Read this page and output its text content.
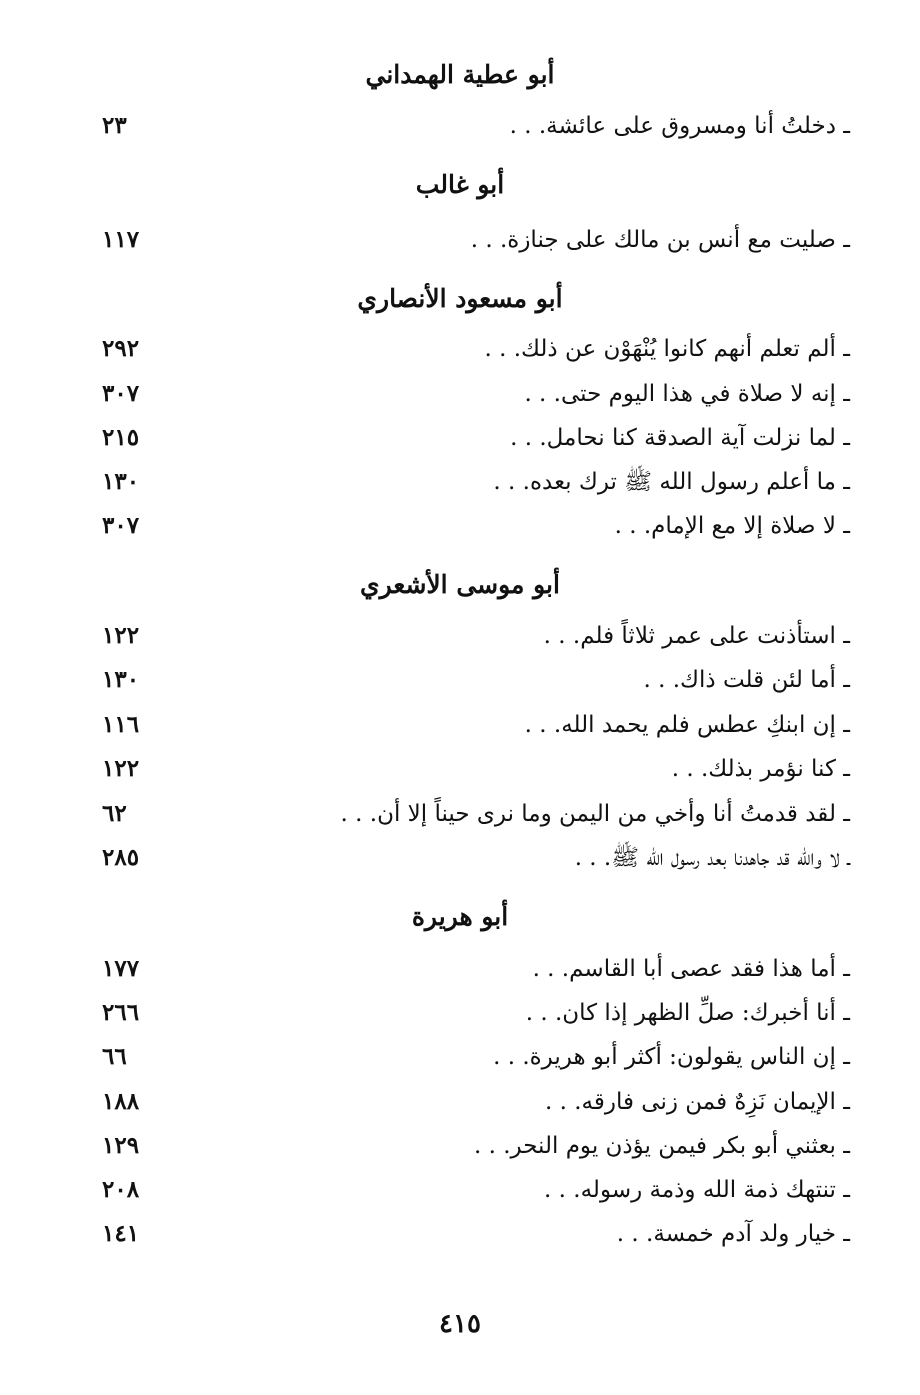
أبو عطية الهمداني
ـ دخلتُ أنا ومسروق على عائشة. . .
٢٣
أبو غالب
ـ صليت مع أنس بن مالك على جنازة. . .
١١٧
أبو مسعود الأنصاري
ـ ألم تعلم أنهم كانوا يُنْهَوْن عن ذلك. . .
٢٩٢
ـ إنه لا صلاة في هذا اليوم حتى. . .
٣٠٧
ـ لما نزلت آية الصدقة كنا نحامل. . .
٢١٥
ـ ما أعلم رسول الله ﷺ ترك بعده. . .
١٣٠
ـ لا صلاة إلا مع الإمام. . .
٣٠٧
أبو موسى الأشعري
ـ استأذنت على عمر ثلاثاً فلم. . .
١٢٢
ـ أما لئن قلت ذاك. . .
١٣٠
ـ إن ابنكِ عطس فلم يحمد الله. . .
١١٦
ـ كنا نؤمر بذلك. . .
١٢٢
ـ لقد قدمتُ أنا وأخي من اليمن وما نرى حيناً إلا أن. . .
٦٢
ـ لا والله قد جاهدنا بعد رسول الله ﷺ. . .
٢٨٥
أبو هريرة
ـ أما هذا فقد عصى أبا القاسم. . .
١٧٧
ـ أنا أخبرك: صلِّ الظهر إذا كان. . .
٢٦٦
ـ إن الناس يقولون: أكثر أبو هريرة. . .
٦٦
ـ الإيمان نَزِهٌ فمن زنى فارقه. . .
١٨٨
ـ بعثني أبو بكر فيمن يؤذن يوم النحر. . .
١٢٩
ـ تنتهك ذمة الله وذمة رسوله. . .
٢٠٨
ـ خيار ولد آدم خمسة. . .
١٤١
٤١٥
